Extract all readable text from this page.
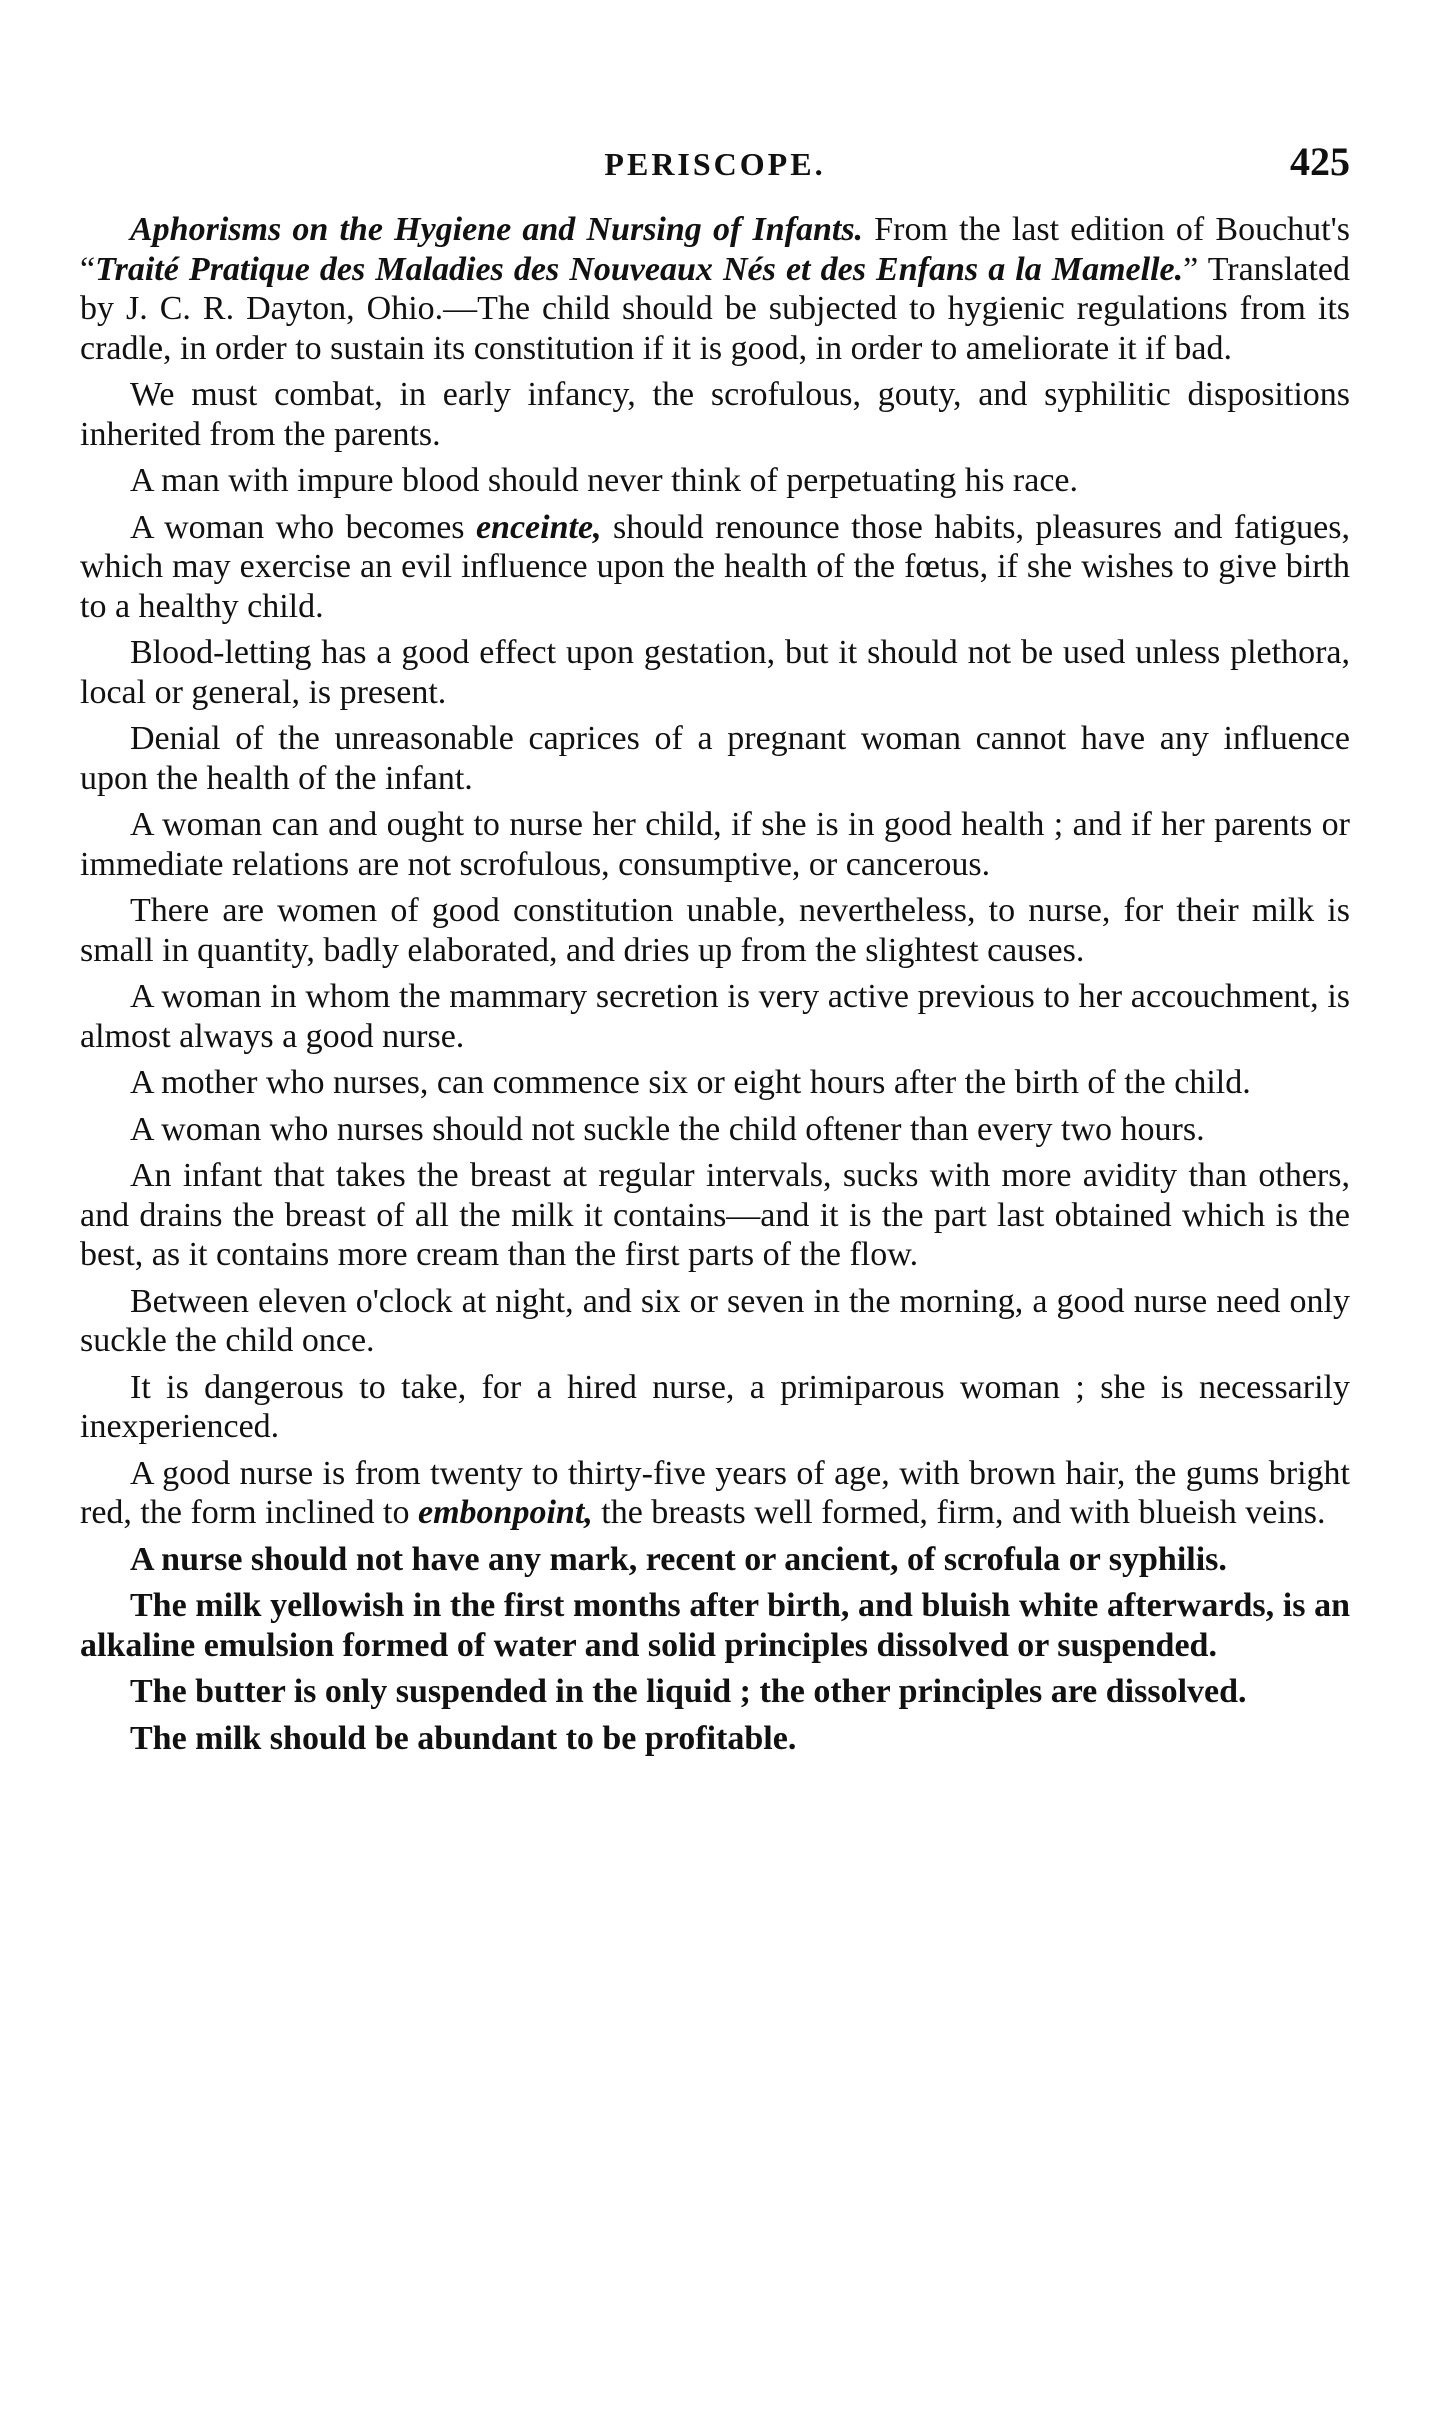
PERISCOPE.	425

Aphorisms on the Hygiene and Nursing of Infants. From the last edition of Bouchut's “Traité Pratique des Maladies des Nouveaux Nés et des Enfans a la Mamelle.” Translated by J. C. R. Dayton, Ohio.—The child should be subjected to hygienic regulations from its cradle, in order to sustain its constitution if it is good, in order to ameliorate it if bad.

We must combat, in early infancy, the scrofulous, gouty, and syphilitic dispositions inherited from the parents.

A man with impure blood should never think of perpetuating his race.

A woman who becomes enceinte, should renounce those habits, pleasures and fatigues, which may exercise an evil influence upon the health of the fœtus, if she wishes to give birth to a healthy child.

Blood-letting has a good effect upon gestation, but it should not be used unless plethora, local or general, is present.

Denial of the unreasonable caprices of a pregnant woman cannot have any influence upon the health of the infant.

A woman can and ought to nurse her child, if she is in good health ; and if her parents or immediate relations are not scrofulous, consumptive, or cancerous.

There are women of good constitution unable, nevertheless, to nurse, for their milk is small in quantity, badly elaborated, and dries up from the slightest causes.

A woman in whom the mammary secretion is very active previous to her accouchment, is almost always a good nurse.

A mother who nurses, can commence six or eight hours after the birth of the child.

A woman who nurses should not suckle the child oftener than every two hours.

An infant that takes the breast at regular intervals, sucks with more avidity than others, and drains the breast of all the milk it contains—and it is the part last obtained which is the best, as it contains more cream than the first parts of the flow.

Between eleven o'clock at night, and six or seven in the morning, a good nurse need only suckle the child once.

It is dangerous to take, for a hired nurse, a primiparous woman ; she is necessarily inexperienced.

A good nurse is from twenty to thirty-five years of age, with brown hair, the gums bright red, the form inclined to embonpoint, the breasts well formed, firm, and with blueish veins.

A nurse should not have any mark, recent or ancient, of scrofula or syphilis.

The milk yellowish in the first months after birth, and bluish white afterwards, is an alkaline emulsion formed of water and solid principles dissolved or suspended.

The butter is only suspended in the liquid ; the other principles are dissolved.

The milk should be abundant to be profitable.
